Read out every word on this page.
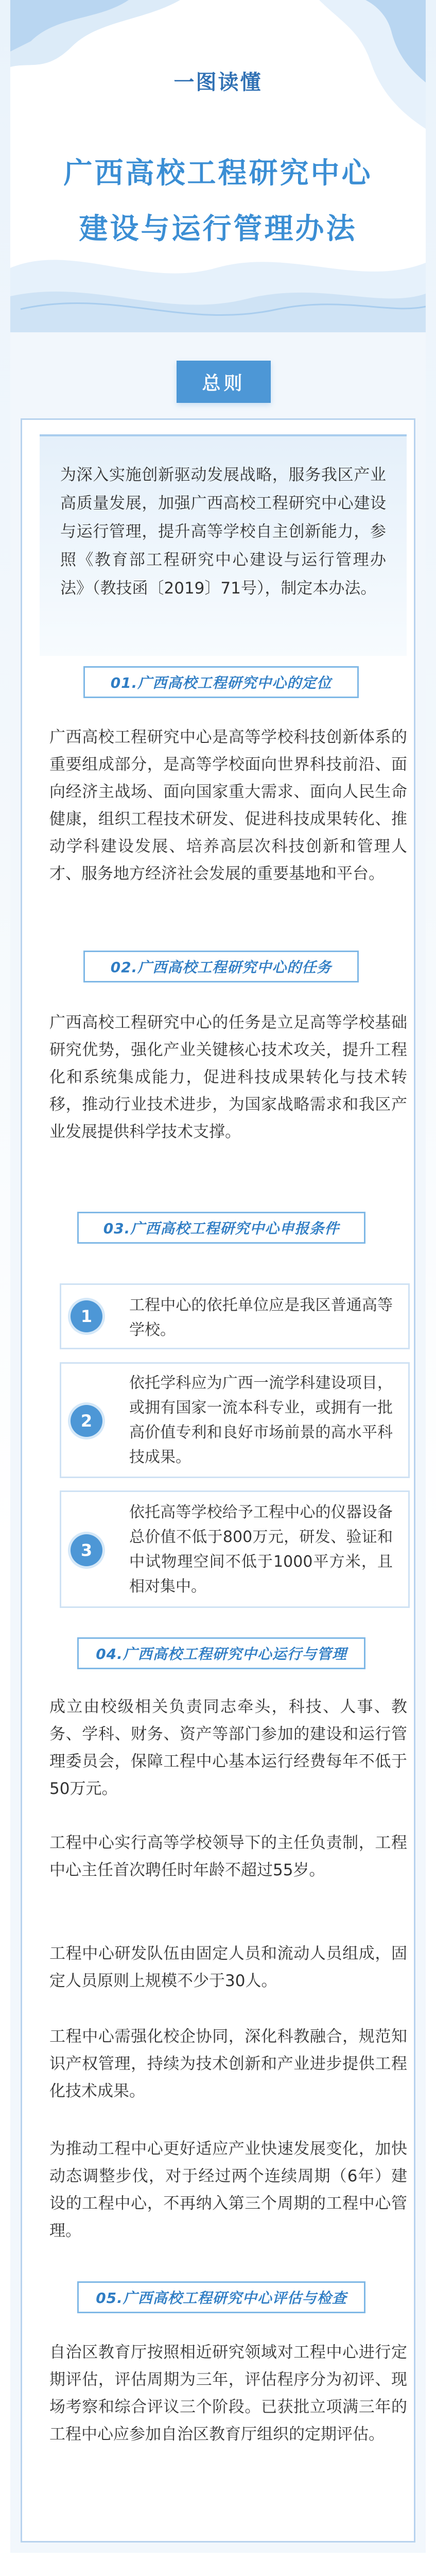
一图读懂
广西高校工程研究中心
建设与运行管理办法
总则
为深入实施创新驱动发展战略，服务我区产业高质量发展，加强广西高校工程研究中心建设与运行管理，提升高等学校自主创新能力，参照《教育部工程研究中心建设与运行管理办法》（教技函〔2019〕71号），制定本办法。
01.广西高校工程研究中心的定位
广西高校工程研究中心是高等学校科技创新体系的重要组成部分，是高等学校面向世界科技前沿、面向经济主战场、面向国家重大需求、面向人民生命健康，组织工程技术研发、促进科技成果转化、推动学科建设发展、培养高层次科技创新和管理人才、服务地方经济社会发展的重要基地和平台。
02.广西高校工程研究中心的任务
广西高校工程研究中心的任务是立足高等学校基础研究优势，强化产业关键核心技术攻关，提升工程化和系统集成能力，促进科技成果转化与技术转移，推动行业技术进步，为国家战略需求和我区产业发展提供科学技术支撑。
03.广西高校工程研究中心申报条件
1
工程中心的依托单位应是我区普通高等学校。
2
依托学科应为广西一流学科建设项目，或拥有国家一流本科专业，或拥有一批高价值专利和良好市场前景的高水平科技成果。
3
依托高等学校给予工程中心的仪器设备总价值不低于800万元，研发、验证和中试物理空间不低于1000平方米，且相对集中。
04.广西高校工程研究中心运行与管理
成立由校级相关负责同志牵头，科技、人事、教务、学科、财务、资产等部门参加的建设和运行管理委员会，保障工程中心基本运行经费每年不低于50万元。
工程中心实行高等学校领导下的主任负责制，工程中心主任首次聘任时年龄不超过55岁。
工程中心研发队伍由固定人员和流动人员组成，固定人员原则上规模不少于30人。
工程中心需强化校企协同，深化科教融合，规范知识产权管理，持续为技术创新和产业进步提供工程化技术成果。
为推动工程中心更好适应产业快速发展变化，加快动态调整步伐，对于经过两个连续周期（6年）建设的工程中心，不再纳入第三个周期的工程中心管理。
05.广西高校工程研究中心评估与检查
自治区教育厅按照相近研究领域对工程中心进行定期评估，评估周期为三年，评估程序分为初评、现场考察和综合评议三个阶段。已获批立项满三年的工程中心应参加自治区教育厅组织的定期评估。
